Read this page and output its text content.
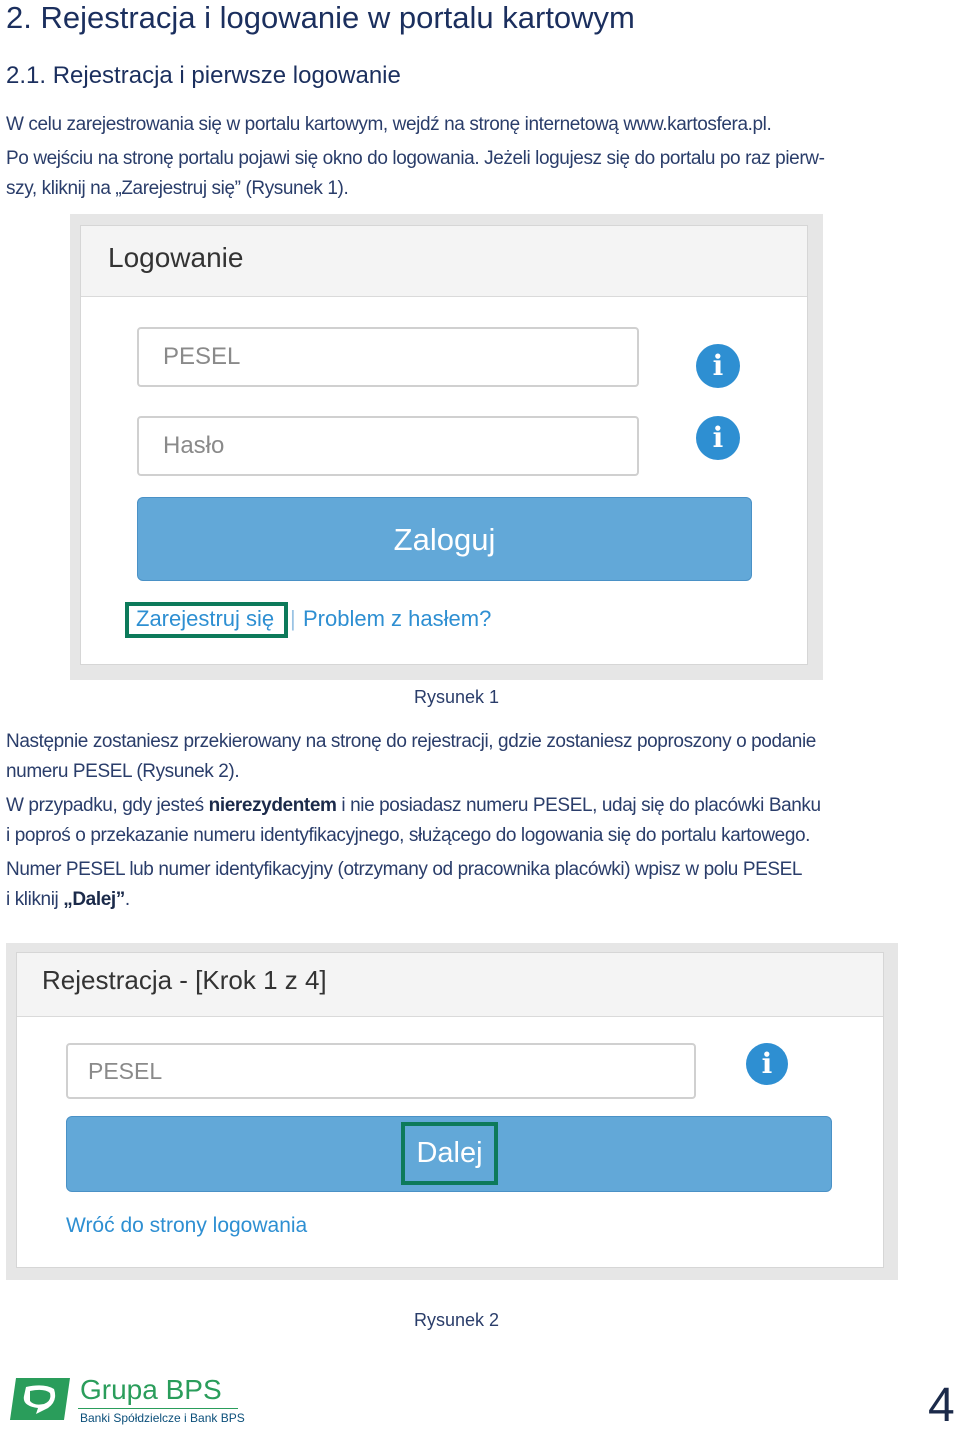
2. Rejestracja i logowanie w portalu kartowym
2.1. Rejestracja i pierwsze logowanie
W celu zarejestrowania się w portalu kartowym, wejdź na stronę internetową www.kartosfera.pl.
Po wejściu na stronę portalu pojawi się okno do logowania. Jeżeli logujesz się do portalu po raz pierw-
szy, kliknij na „Zarejestruj się” (Rysunek 1).
Logowanie
PESEL	i
Hasło	i
Zaloguj
Zarejestruj się | Problem z hasłem?
Rysunek 1
Następnie zostaniesz przekierowany na stronę do rejestracji, gdzie zostaniesz poproszony o podanie
numeru PESEL (Rysunek 2).
W przypadku, gdy jesteś nierezydentem i nie posiadasz numeru PESEL, udaj się do placówki Banku
i poproś o przekazanie numeru identyfikacyjnego, służącego do logowania się do portalu kartowego.
Numer PESEL lub numer identyfikacyjny (otrzymany od pracownika placówki) wpisz w polu PESEL
i kliknij „Dalej”.
Rejestracja - [Krok 1 z 4]
PESEL	i
Dalej
Wróć do strony logowania
Rysunek 2
Grupa BPS
Banki Spółdzielcze i Bank BPS	4
